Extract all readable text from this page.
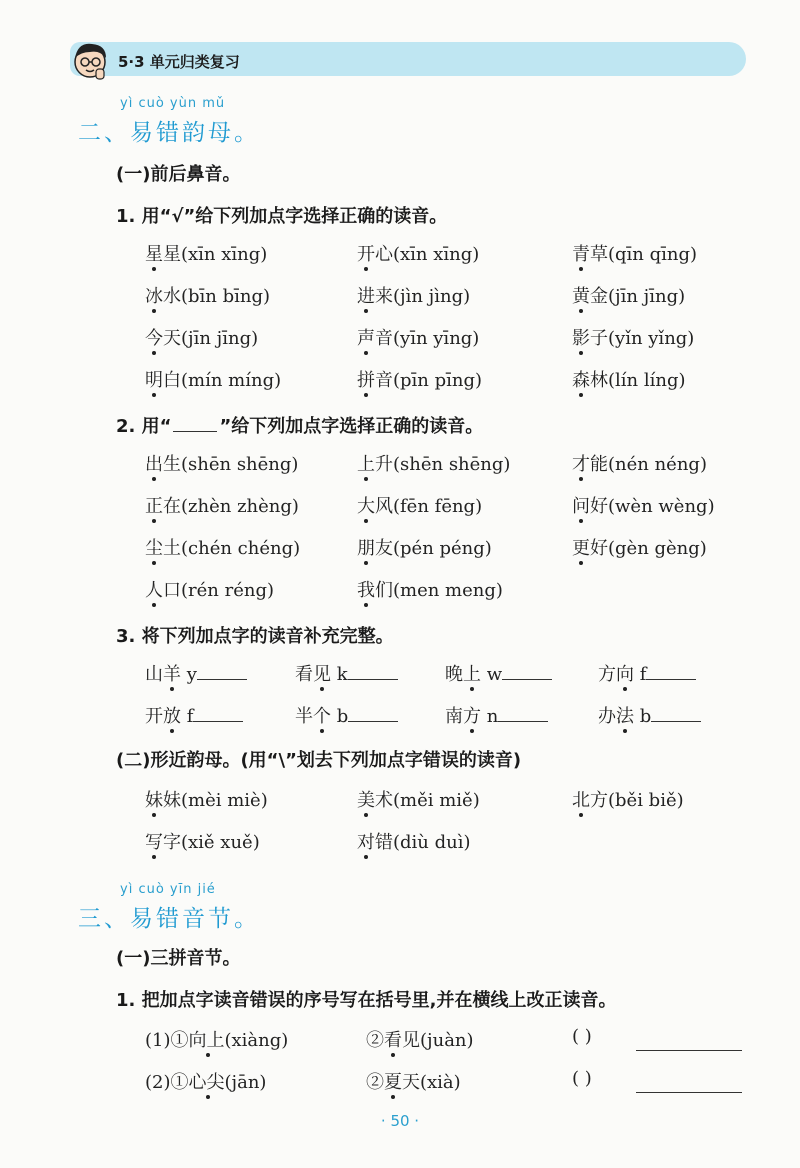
5·3 单元归类复习
yì cuò yùn mǔ
二、易错韵母。
(一)前后鼻音。
1. 用“√”给下列加点字选择正确的读音。
2. 用“	”给下列加点字选择正确的读音。
3. 将下列加点字的读音补充完整。
(二)形近韵母。(用“\”划去下列加点字错误的读音)
yì cuò yīn jié
三、易错音节。
(一)三拼音节。
1. 把加点字读音错误的序号写在括号里,并在横线上改正读音。
· 50 ·
星星(xīn xīng)	开心(xīn xīng)	青草(qīn qīng)
冰水(bīn bīng)	进来(jìn jìng)	黄金(jīn jīng)
今天(jīn jīng)	声音(yīn yīng)	影子(yǐn yǐng)
明白(mín míng)	拼音(pīn pīng)	森林(lín líng)
出生(shēn shēng)	上升(shēn shēng)	才能(nén néng)
正在(zhèn zhèng)	大风(fēn fēng)	问好(wèn wèng)
尘土(chén chéng)	朋友(pén péng)	更好(gèn gèng)
人口(rén réng)	我们(men meng)
妹妹(mèi miè)	美术(měi miě)	北方(běi biě)
写字(xiě xuě)	对错(diù duì)
山羊 y	看见 k	晚上 w	方向 f
开放 f	半个 b	南方 n	办法 b
(1)①向上(xiàng)	②看见(juàn)	( )
(2)①心尖(jān)	②夏天(xià)	( )
